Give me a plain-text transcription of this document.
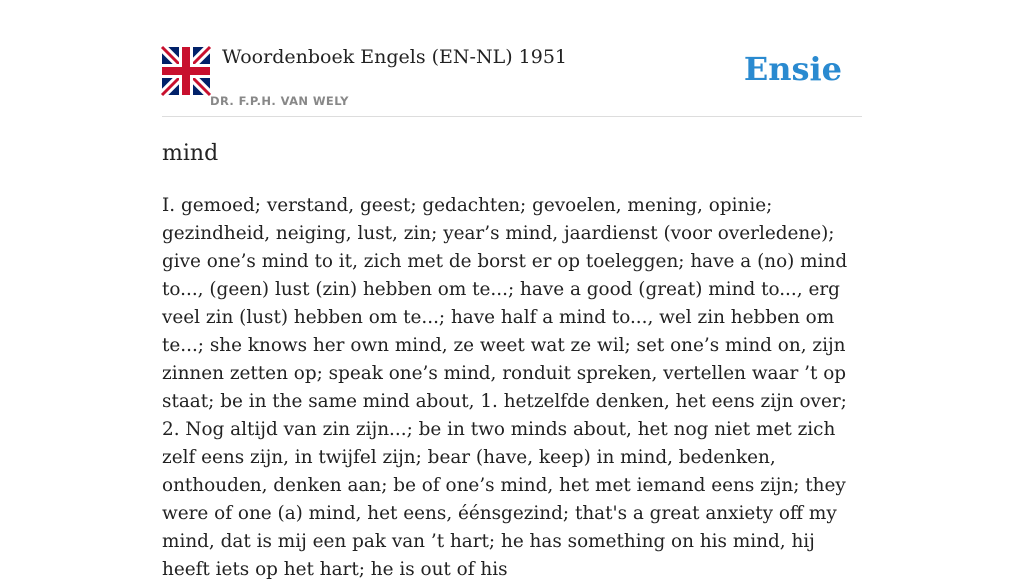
Woordenboek Engels (EN-NL) 1951
DR. F.P.H. VAN WELY
Ensie
mind

I. gemoed; verstand, geest; gedachten; gevoelen, mening, opinie; gezindheid, neiging, lust, zin; year’s mind, jaardienst (voor overledene); give one’s mind to it, zich met de borst er op toeleggen; have a (no) mind to..., (geen) lust (zin) hebben om te...; have a good (great) mind to..., erg veel zin (lust) hebben om te...; have half a mind to..., wel zin hebben om te...; she knows her own mind, ze weet wat ze wil; set one’s mind on, zijn zinnen zetten op; speak one’s mind, ronduit spreken, vertellen waar ’t op staat; be in the same mind about, 1. hetzelfde denken, het eens zijn over; 2. Nog altijd van zin zijn...; be in two minds about, het nog niet met zich zelf eens zijn, in twijfel zijn; bear (have, keep) in mind, bedenken, onthouden, denken aan; be of one’s mind, het met iemand eens zijn; they were of one (a) mind, het eens, éénsgezind; that's a great anxiety off my mind, dat is mij een pak van ’t hart; he has something on his mind, hij heeft iets op het hart; he is out of his
